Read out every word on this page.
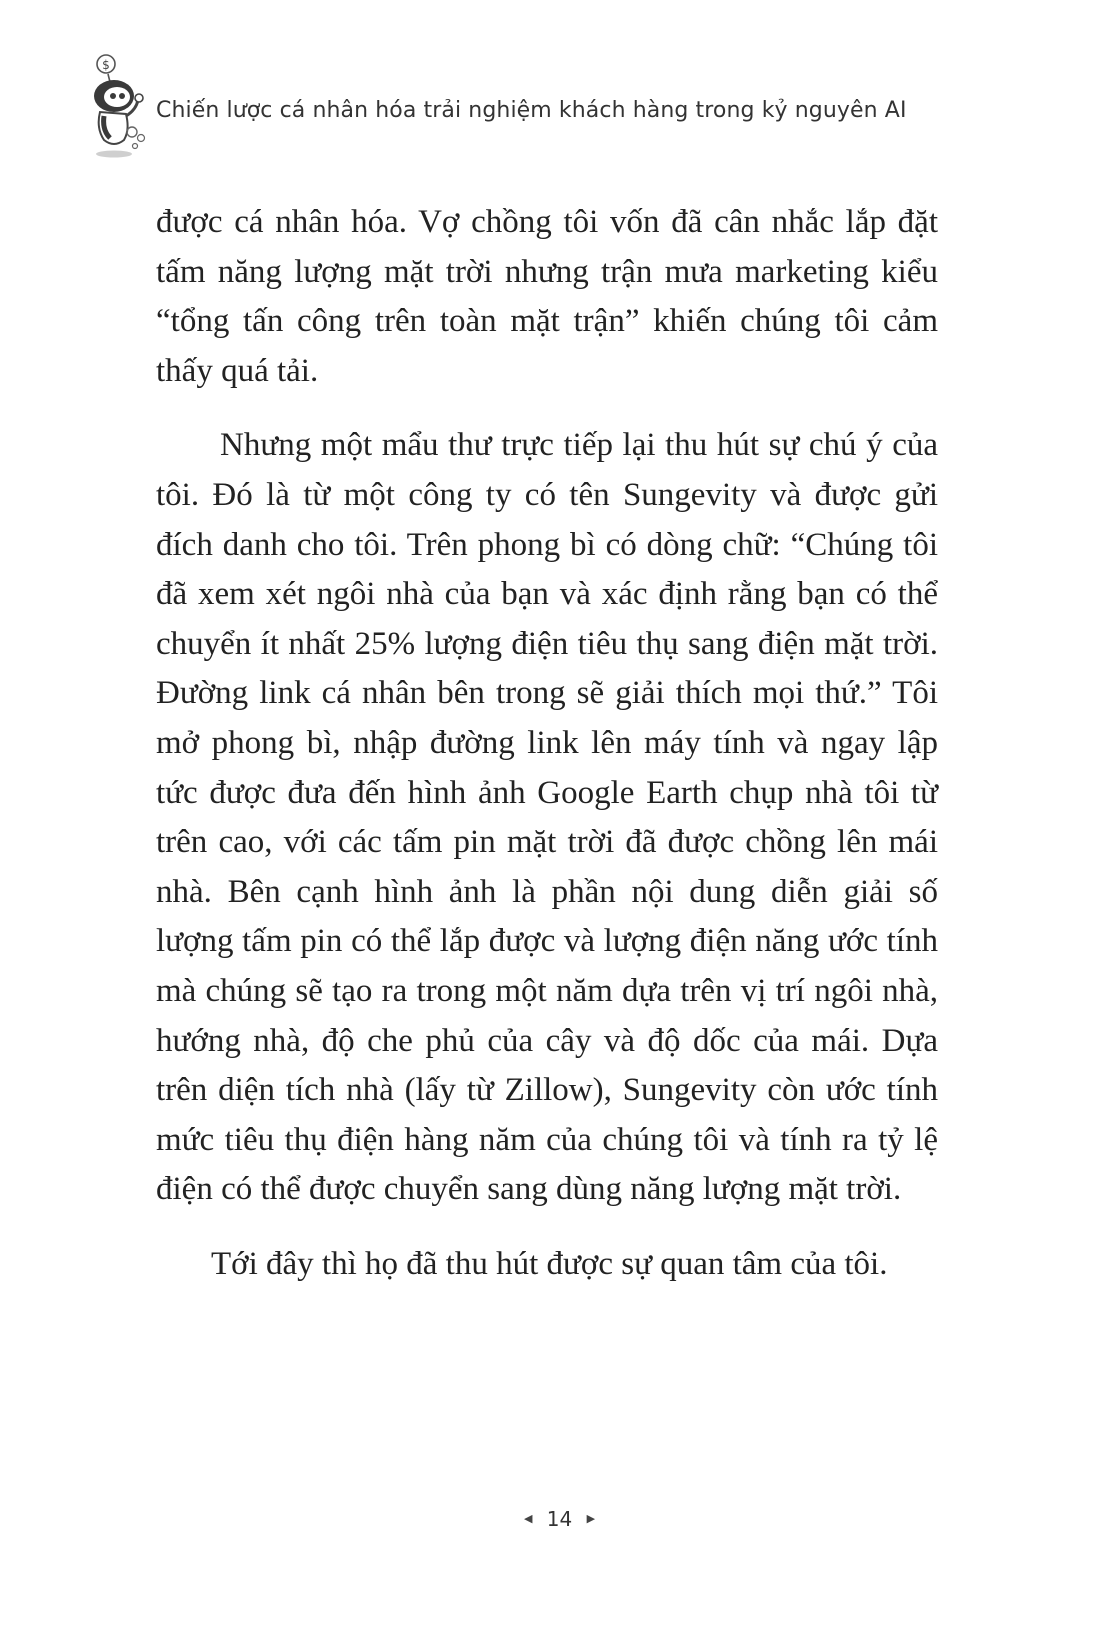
$
Chiến lược cá nhân hóa trải nghiệm khách hàng trong kỷ nguyên AI

được cá nhân hóa. Vợ chồng tôi vốn đã cân nhắc lắp đặt tấm năng lượng mặt trời nhưng trận mưa marketing kiểu “tổng tấn công trên toàn mặt trận” khiến chúng tôi cảm thấy quá tải.

Nhưng một mẩu thư trực tiếp lại thu hút sự chú ý của tôi. Đó là từ một công ty có tên Sungevity và được gửi đích danh cho tôi. Trên phong bì có dòng chữ: “Chúng tôi đã xem xét ngôi nhà của bạn và xác định rằng bạn có thể chuyển ít nhất 25% lượng điện tiêu thụ sang điện mặt trời. Đường link cá nhân bên trong sẽ giải thích mọi thứ.” Tôi mở phong bì, nhập đường link lên máy tính và ngay lập tức được đưa đến hình ảnh Google Earth chụp nhà tôi từ trên cao, với các tấm pin mặt trời đã được chồng lên mái nhà. Bên cạnh hình ảnh là phần nội dung diễn giải số lượng tấm pin có thể lắp được và lượng điện năng ước tính mà chúng sẽ tạo ra trong một năm dựa trên vị trí ngôi nhà, hướng nhà, độ che phủ của cây và độ dốc của mái. Dựa trên diện tích nhà (lấy từ Zillow), Sungevity còn ước tính mức tiêu thụ điện hàng năm của chúng tôi và tính ra tỷ lệ điện có thể được chuyển sang dùng năng lượng mặt trời.

Tới đây thì họ đã thu hút được sự quan tâm của tôi.

◀ 14 ▶
